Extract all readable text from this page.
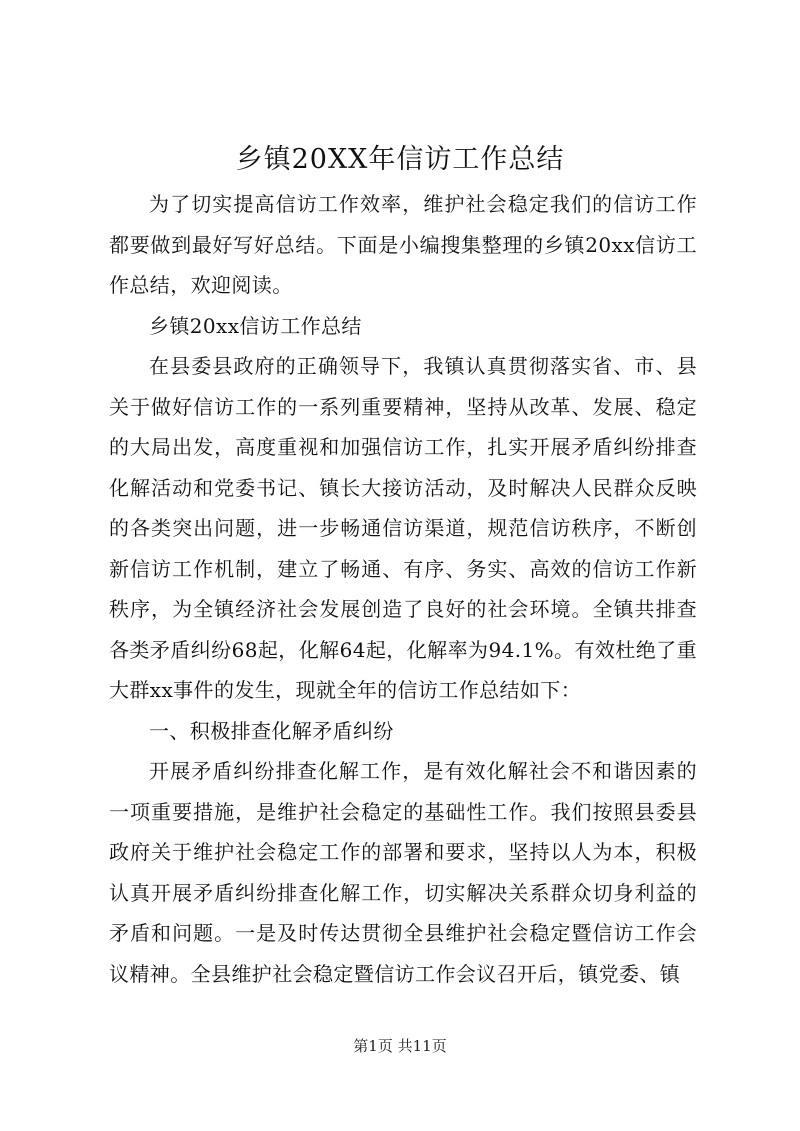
乡镇20XX年信访工作总结

为了切实提高信访工作效率，维护社会稳定我们的信访工作都要做到最好写好总结。下面是小编搜集整理的乡镇20xx信访工作总结，欢迎阅读。

乡镇20xx信访工作总结

在县委县政府的正确领导下，我镇认真贯彻落实省、市、县关于做好信访工作的一系列重要精神，坚持从改革、发展、稳定的大局出发，高度重视和加强信访工作，扎实开展矛盾纠纷排查化解活动和党委书记、镇长大接访活动，及时解决人民群众反映的各类突出问题，进一步畅通信访渠道，规范信访秩序，不断创新信访工作机制，建立了畅通、有序、务实、高效的信访工作新秩序，为全镇经济社会发展创造了良好的社会环境。全镇共排查各类矛盾纠纷68起，化解64起，化解率为94.1%。有效杜绝了重大群xx事件的发生，现就全年的信访工作总结如下：

一、积极排查化解矛盾纠纷

开展矛盾纠纷排查化解工作，是有效化解社会不和谐因素的一项重要措施，是维护社会稳定的基础性工作。我们按照县委县政府关于维护社会稳定工作的部署和要求，坚持以人为本，积极认真开展矛盾纠纷排查化解工作，切实解决关系群众切身利益的矛盾和问题。一是及时传达贯彻全县维护社会稳定暨信访工作会议精神。全县维护社会稳定暨信访工作会议召开后，镇党委、镇

第1页 共11页
